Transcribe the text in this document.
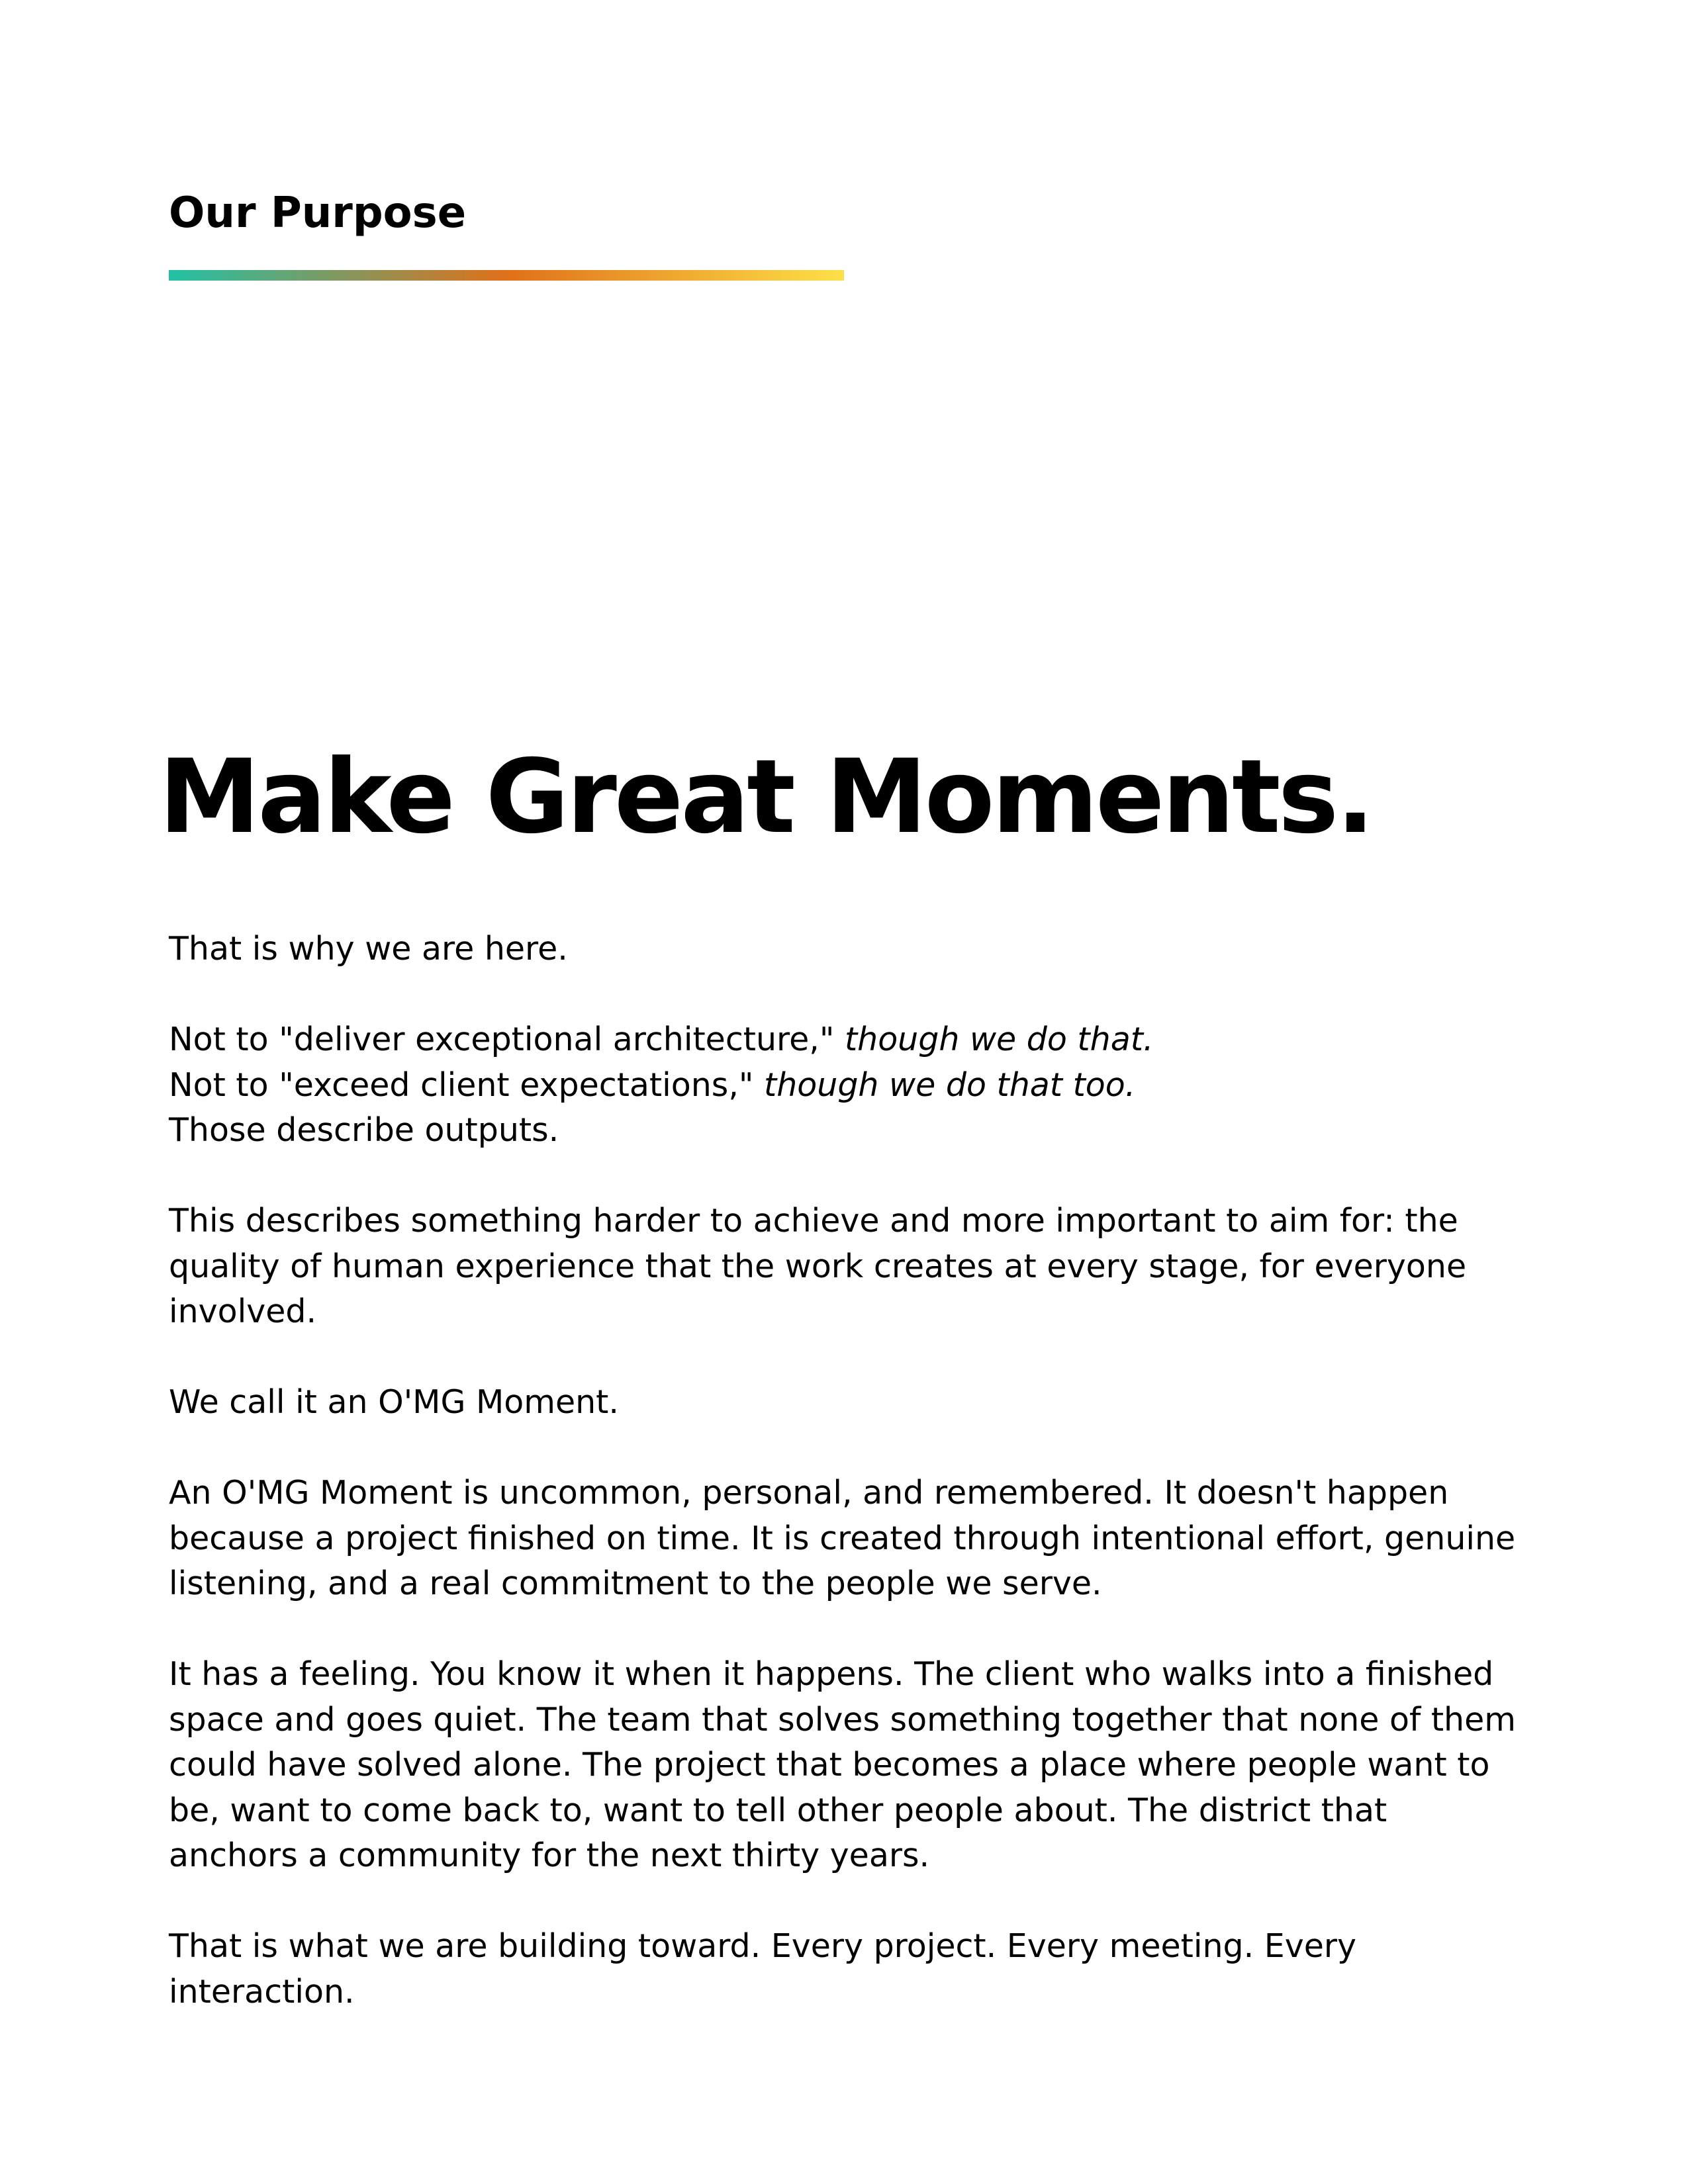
Our Purpose
Make Great Moments.

That is why we are here.

Not to "deliver exceptional architecture," though we do that.
Not to "exceed client expectations," though we do that too.
Those describe outputs.

This describes something harder to achieve and more important to aim for: the quality of human experience that the work creates at every stage, for everyone involved.

We call it an O'MG Moment.

An O'MG Moment is uncommon, personal, and remembered. It doesn't happen because a project finished on time. It is created through intentional effort, genuine listening, and a real commitment to the people we serve.

It has a feeling. You know it when it happens. The client who walks into a finished space and goes quiet. The team that solves something together that none of them could have solved alone. The project that becomes a place where people want to be, want to come back to, want to tell other people about. The district that anchors a community for the next thirty years.

That is what we are building toward. Every project. Every meeting. Every interaction.
